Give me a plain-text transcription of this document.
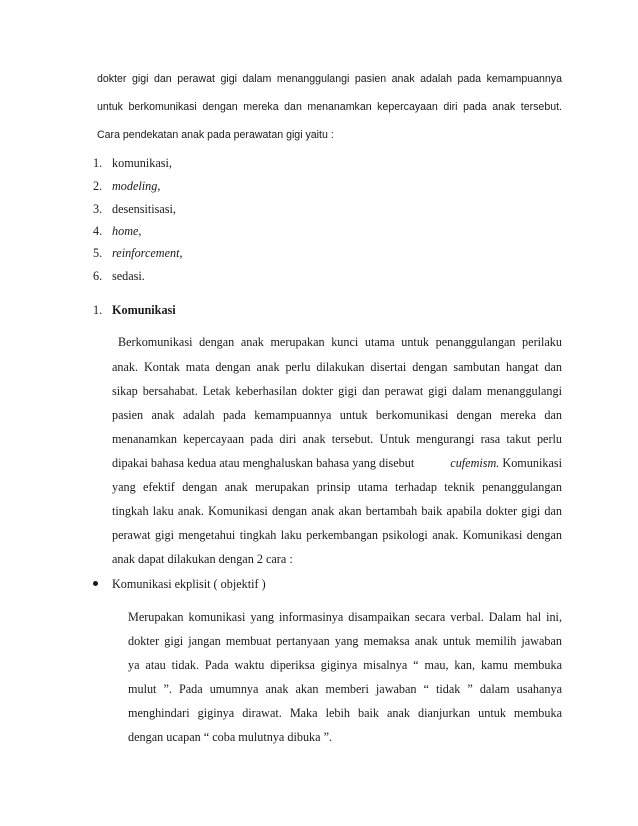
dokter gigi dan perawat gigi dalam menanggulangi pasien anak adalah pada kemampuannya
untuk berkomunikasi dengan mereka dan menanamkan kepercayaan diri pada anak tersebut.
Cara pendekatan anak pada perawatan gigi yaitu :
1. komunikasi,
2. modeling,
3. desensitisasi,
4. home,
5. reinforcement,
6. sedasi.
1. Komunikasi
Berkomunikasi dengan anak merupakan kunci utama untuk penanggulangan perilaku
anak. Kontak mata dengan anak perlu dilakukan disertai dengan sambutan hangat dan
sikap bersahabat. Letak keberhasilan dokter gigi dan perawat gigi dalam menanggulangi
pasien anak adalah pada kemampuannya untuk berkomunikasi dengan mereka dan
menanamkan kepercayaan pada diri anak tersebut. Untuk mengurangi rasa takut perlu
dipakai bahasa kedua atau menghaluskan bahasa yang disebut	cufemism. Komunikasi
yang efektif dengan anak merupakan prinsip utama terhadap teknik penanggulangan
tingkah laku anak. Komunikasi dengan anak akan bertambah baik apabila dokter gigi dan
perawat gigi mengetahui tingkah laku perkembangan psikologi anak. Komunikasi dengan
anak dapat dilakukan dengan 2 cara :
Komunikasi ekplisit ( objektif )
Merupakan komunikasi yang informasinya disampaikan secara verbal. Dalam hal ini,
dokter gigi jangan membuat pertanyaan yang memaksa anak untuk memilih jawaban
ya atau tidak. Pada waktu diperiksa giginya misalnya “ mau, kan, kamu membuka
mulut ”. Pada umumnya anak akan memberi jawaban “ tidak ” dalam usahanya
menghindari giginya dirawat. Maka lebih baik anak dianjurkan untuk membuka
dengan ucapan “ coba mulutnya dibuka ”.
